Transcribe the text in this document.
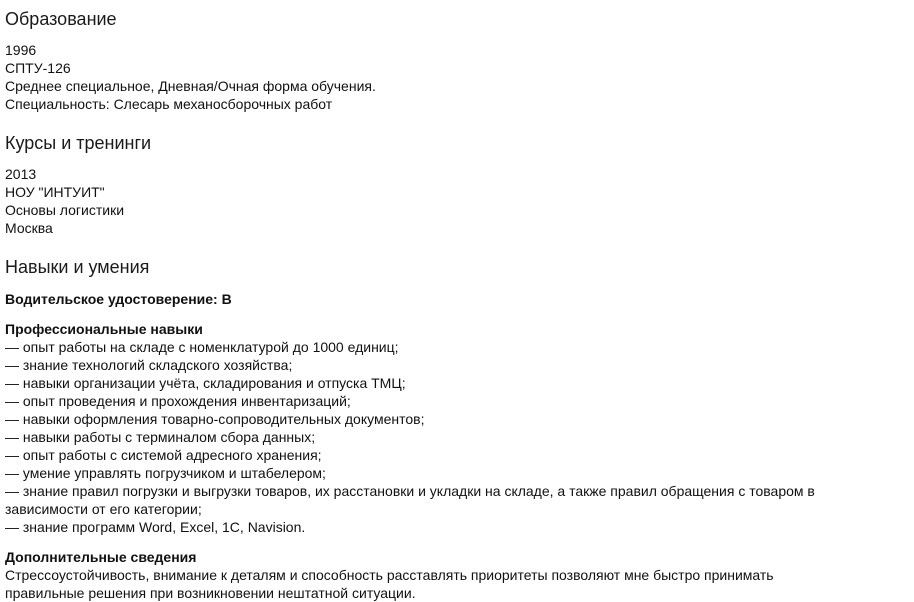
Образование

1996

СПТУ-126

Среднее специальное, Дневная/Очная форма обучения.

Специальность: Слесарь механосборочных работ

Курсы и тренинги

2013

НОУ "ИНТУИТ"

Основы логистики

Москва

Навыки и умения

Водительское удостоверение: B

Профессиональные навыки

— опыт работы на складе с номенклатурой до 1000 единиц;

— знание технологий складского хозяйства;

— навыки организации учёта, складирования и отпуска ТМЦ;

— опыт проведения и прохождения инвентаризаций;

— навыки оформления товарно-сопроводительных документов;

— навыки работы с терминалом сбора данных;

— опыт работы с системой адресного хранения;

— умение управлять погрузчиком и штабелером;

— знание правил погрузки и выгрузки товаров, их расстановки и укладки на складе, а также правил обращения с товаром в

зависимости от его категории;

— знание программ Word, Excel, 1C, Navision.

Дополнительные сведения

Стрессоустойчивость, внимание к деталям и способность расставлять приоритеты позволяют мне быстро принимать

правильные решения при возникновении нештатной ситуации.
